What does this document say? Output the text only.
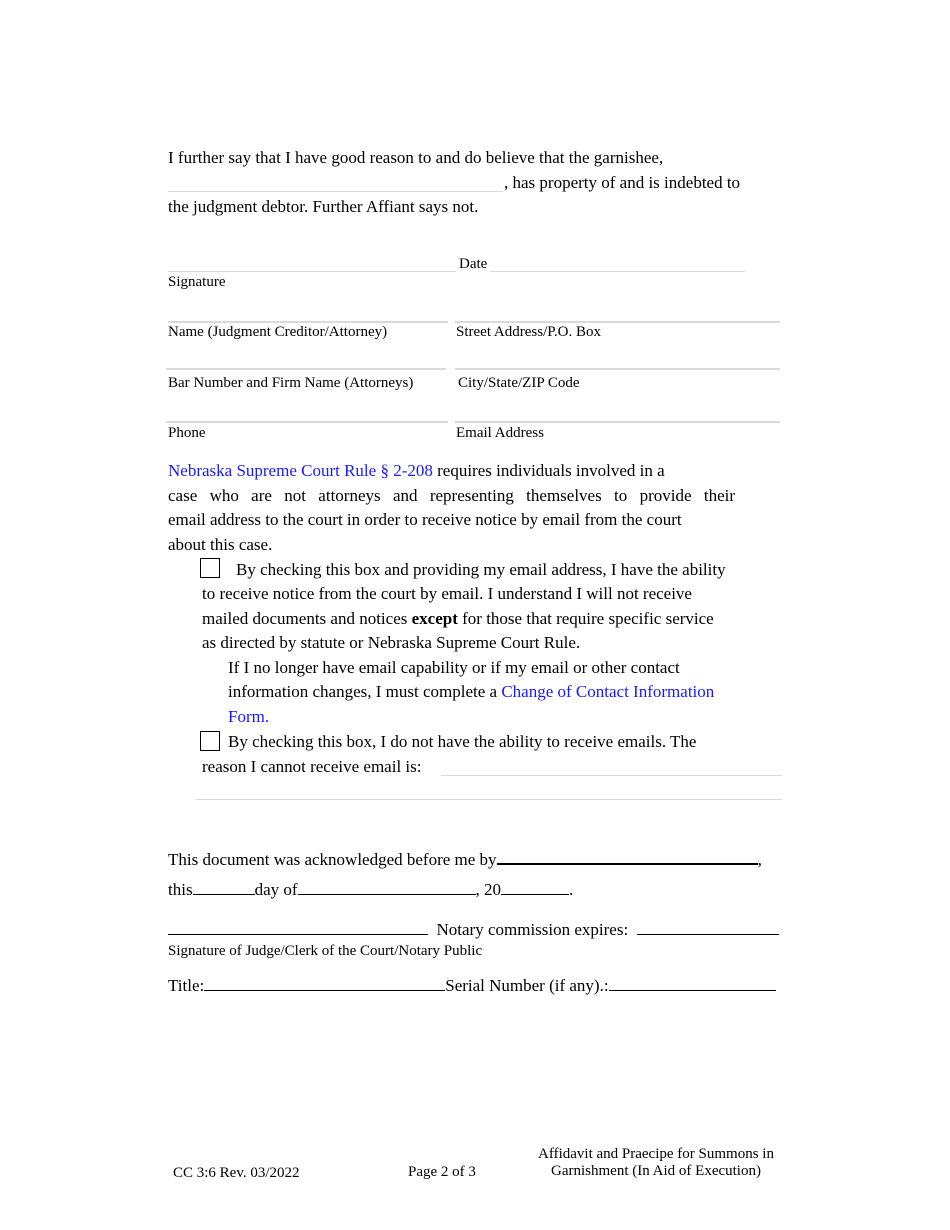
I further say that I have good reason to and do believe that the garnishee,
, has property of and is indebted to
the judgment debtor. Further Affiant says not.
Date
Signature
Name (Judgment Creditor/Attorney)	Street Address/P.O. Box
Bar Number and Firm Name (Attorneys)	City/State/ZIP Code
Phone	Email Address
Nebraska Supreme Court Rule § 2-208 requires individuals involved in a
case who are not attorneys and representing themselves to provide their
email address to the court in order to receive notice by email from the court
about this case.
By checking this box and providing my email address, I have the ability
to receive notice from the court by email. I understand I will not receive
mailed documents and notices except for those that require specific service
as directed by statute or Nebraska Supreme Court Rule.
If I no longer have email capability or if my email or other contact
information changes, I must complete a Change of Contact Information
Form.
By checking this box, I do not have the ability to receive emails. The
reason I cannot receive email is:
This document was acknowledged before me by	,
this	day of	, 20	.
Notary commission expires:
Signature of Judge/Clerk of the Court/Notary Public
Title:	Serial Number (if any).:
CC 3:6 Rev. 03/2022	Page 2 of 3
Affidavit and Praecipe for Summons in
Garnishment (In Aid of Execution)
